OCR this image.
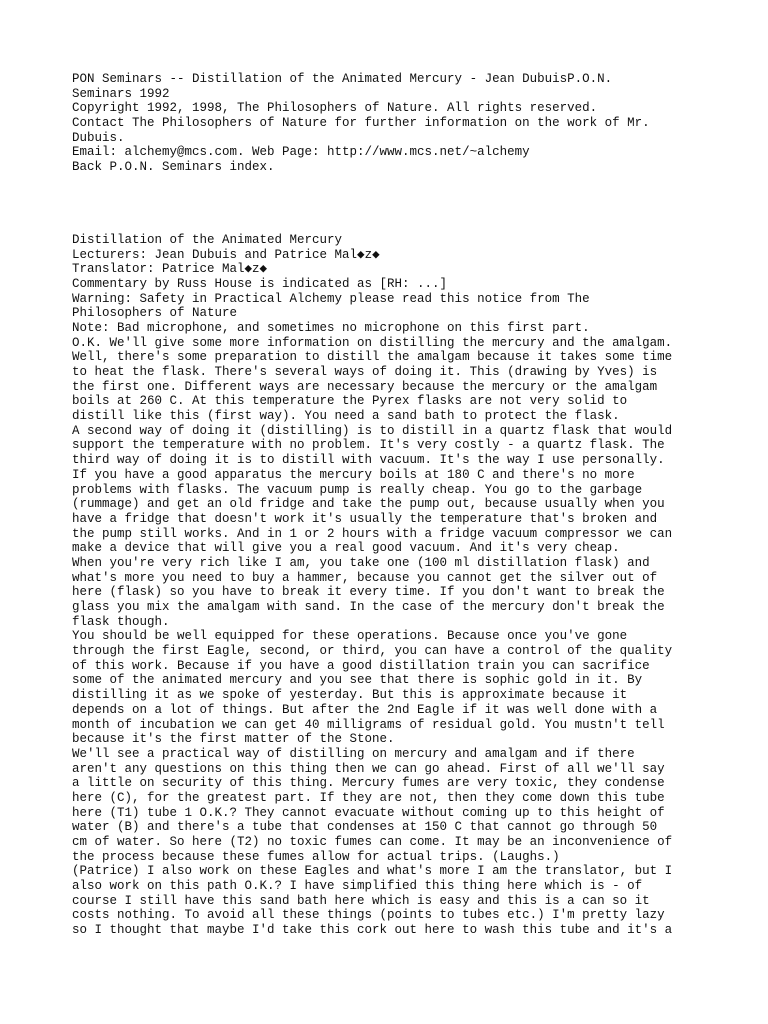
PON Seminars -- Distillation of the Animated Mercury - Jean DubuisP.O.N.
Seminars 1992
Copyright 1992, 1998, The Philosophers of Nature. All rights reserved.
Contact The Philosophers of Nature for further information on the work of Mr.
Dubuis.
Email: alchemy@mcs.com. Web Page: http://www.mcs.net/~alchemy
Back P.O.N. Seminars index.
Distillation of the Animated Mercury
Lecturers: Jean Dubuis and Patrice Mal◆z◆
Translator: Patrice Mal◆z◆
Commentary by Russ House is indicated as [RH: ...]
Warning: Safety in Practical Alchemy please read this notice from The
Philosophers of Nature
Note: Bad microphone, and sometimes no microphone on this first part.
O.K. We'll give some more information on distilling the mercury and the amalgam.
Well, there's some preparation to distill the amalgam because it takes some time
to heat the flask. There's several ways of doing it. This (drawing by Yves) is
the first one. Different ways are necessary because the mercury or the amalgam
boils at 260 C. At this temperature the Pyrex flasks are not very solid to
distill like this (first way). You need a sand bath to protect the flask.
A second way of doing it (distilling) is to distill in a quartz flask that would
support the temperature with no problem. It's very costly - a quartz flask. The
third way of doing it is to distill with vacuum. It's the way I use personally.
If you have a good apparatus the mercury boils at 180 C and there's no more
problems with flasks. The vacuum pump is really cheap. You go to the garbage
(rummage) and get an old fridge and take the pump out, because usually when you
have a fridge that doesn't work it's usually the temperature that's broken and
the pump still works. And in 1 or 2 hours with a fridge vacuum compressor we can
make a device that will give you a real good vacuum. And it's very cheap.
When you're very rich like I am, you take one (100 ml distillation flask) and
what's more you need to buy a hammer, because you cannot get the silver out of
here (flask) so you have to break it every time. If you don't want to break the
glass you mix the amalgam with sand. In the case of the mercury don't break the
flask though.
You should be well equipped for these operations. Because once you've gone
through the first Eagle, second, or third, you can have a control of the quality
of this work. Because if you have a good distillation train you can sacrifice
some of the animated mercury and you see that there is sophic gold in it. By
distilling it as we spoke of yesterday. But this is approximate because it
depends on a lot of things. But after the 2nd Eagle if it was well done with a
month of incubation we can get 40 milligrams of residual gold. You mustn't tell
because it's the first matter of the Stone.
We'll see a practical way of distilling on mercury and amalgam and if there
aren't any questions on this thing then we can go ahead. First of all we'll say
a little on security of this thing. Mercury fumes are very toxic, they condense
here (C), for the greatest part. If they are not, then they come down this tube
here (T1) tube 1 O.K.? They cannot evacuate without coming up to this height of
water (B) and there's a tube that condenses at 150 C that cannot go through 50
cm of water. So here (T2) no toxic fumes can come. It may be an inconvenience of
the process because these fumes allow for actual trips. (Laughs.)
(Patrice) I also work on these Eagles and what's more I am the translator, but I
also work on this path O.K.? I have simplified this thing here which is - of
course I still have this sand bath here which is easy and this is a can so it
costs nothing. To avoid all these things (points to tubes etc.) I'm pretty lazy
so I thought that maybe I'd take this cork out here to wash this tube and it's a
